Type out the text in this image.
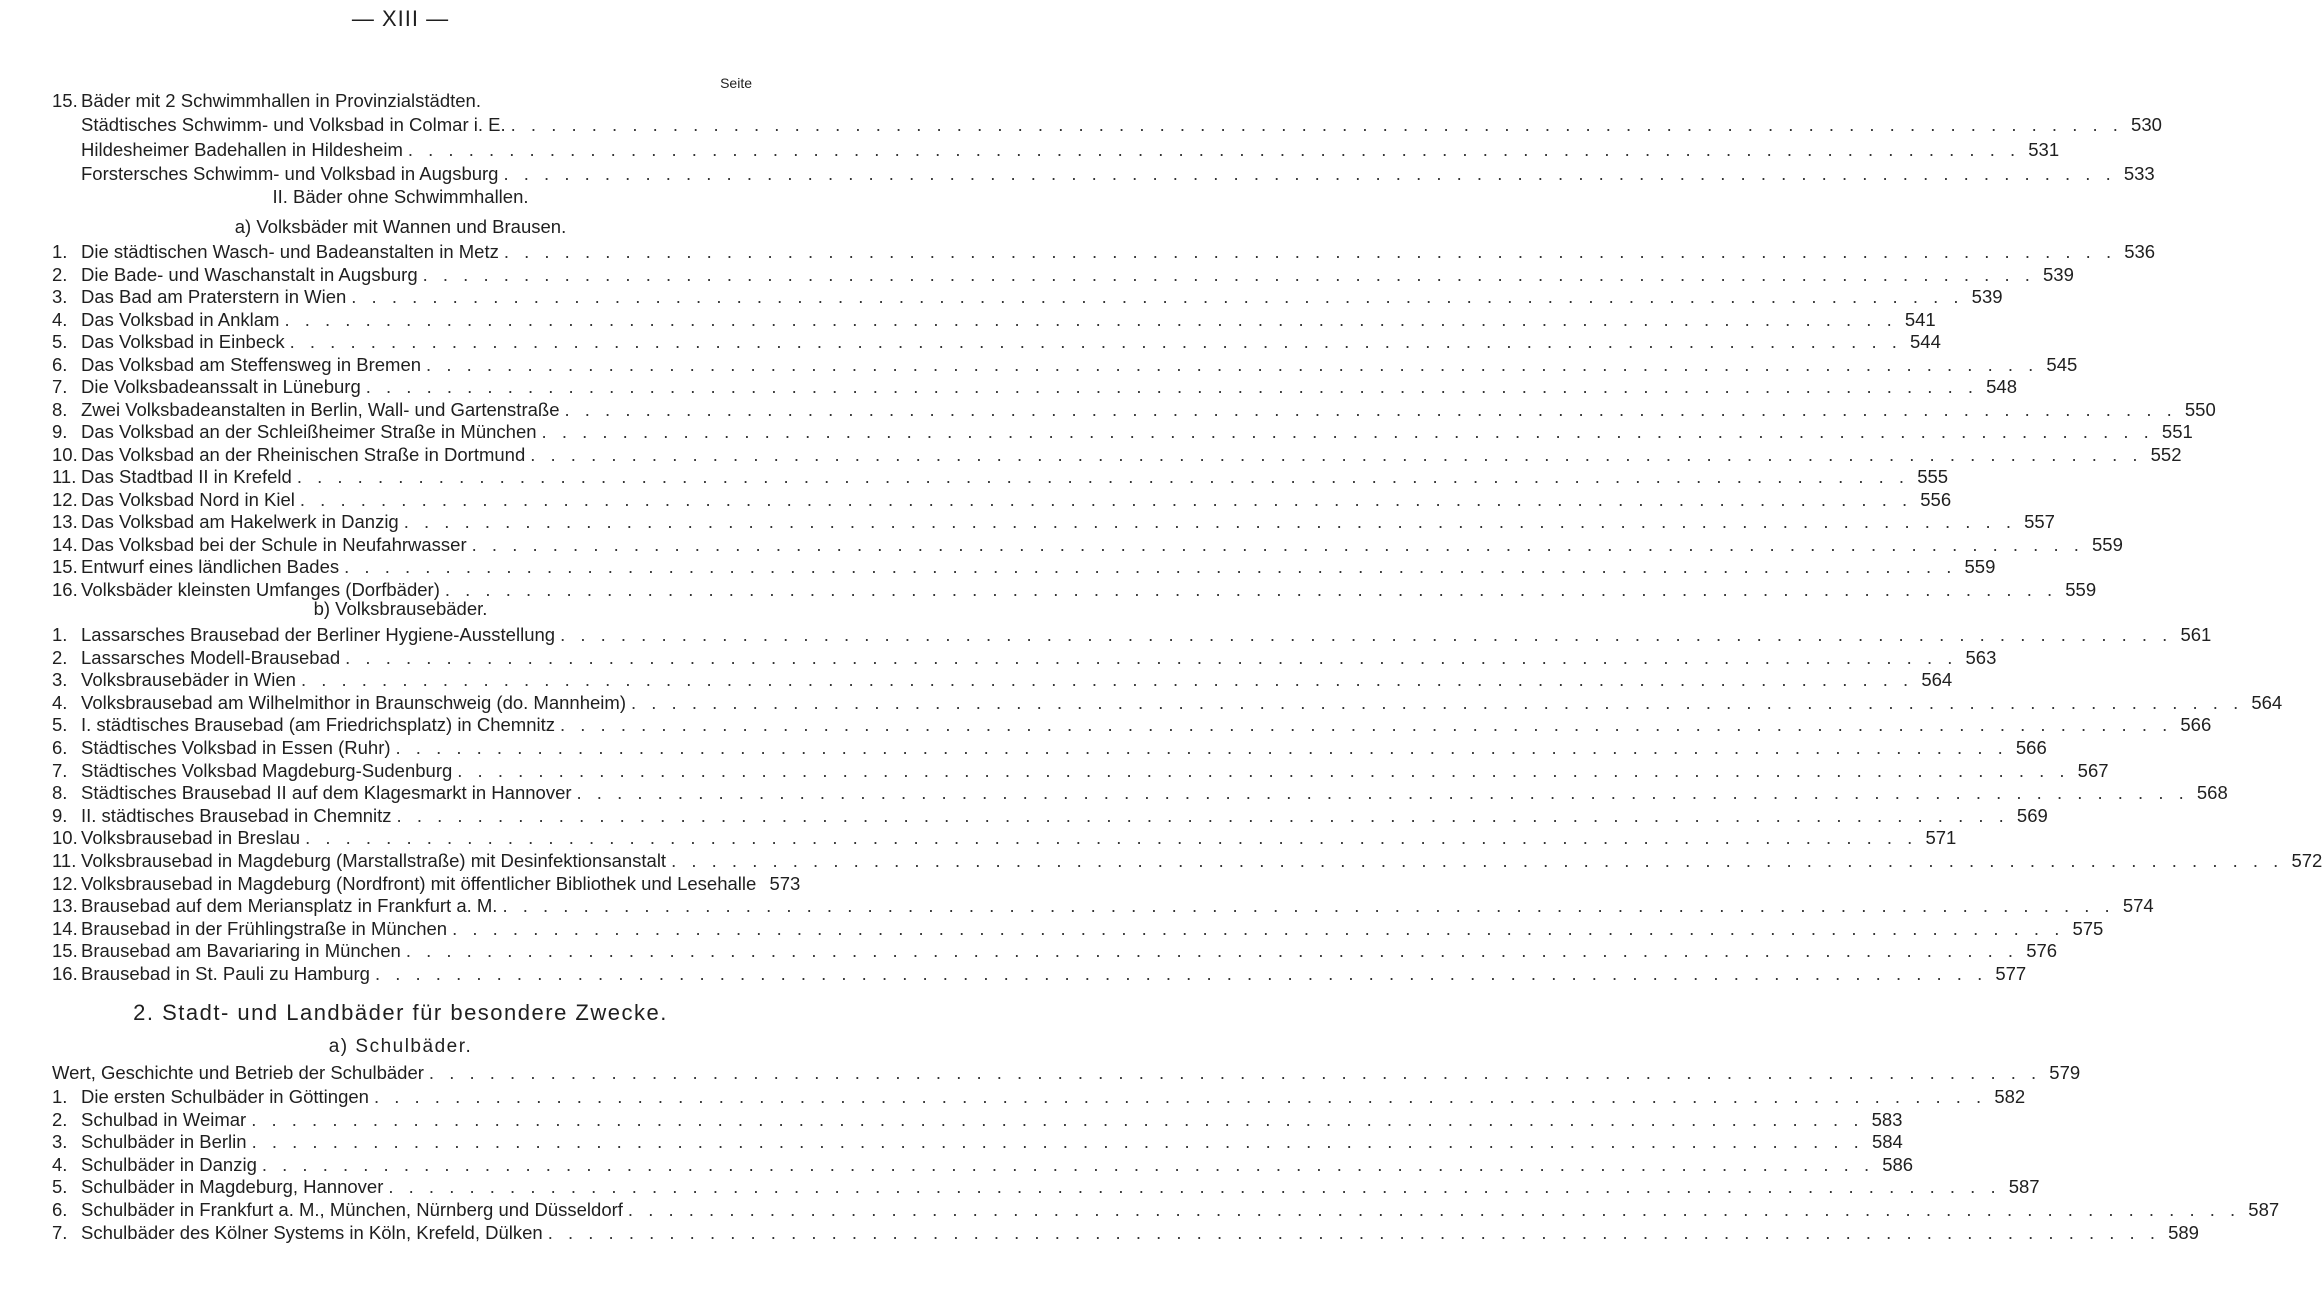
— XIII —
Seite
15. Bäder mit 2 Schwimmhallen in Provinzialstädten.
Städtisches Schwimm- und Volksbad in Colmar i. E. . . . . . . . . . . . . . . . . . . . . . . . . . . . . . . . . . . . . . . . . . . . . . . . . . . . . . . . . . . . . . . . . . . . . . . . . . . . . . . . . 530
Hildesheimer Badehallen in Hildesheim . . . . . . . . . . . . . . . . . . . . . . . . . . . . . . . . . . . . . . . . . . . . . . . . . . . . . . . . . . . . . . . . . . . . . . . . . . . . . . . . 531
Forstersches Schwimm- und Volksbad in Augsburg . . . . . . . . . . . . . . . . . . . . . . . . . . . . . . . . . . . . . . . . . . . . . . . . . . . . . . . . . . . . . . . . . . . . . . . . . . . . . . . . 533
II. Bäder ohne Schwimmhallen.
a) Volksbäder mit Wannen und Brausen.
1. Die städtischen Wasch- und Badeanstalten in Metz . . . . . . . . . . . . . . . . . . . . . . . . . . . . . . . . . . . . . . . . . . . . . . . . . . . . . . . . . . . . . . . . . . . . . . . . . . . . . . . . 536
2. Die Bade- und Waschanstalt in Augsburg . . . . . . . . . . . . . . . . . . . . . . . . . . . . . . . . . . . . . . . . . . . . . . . . . . . . . . . . . . . . . . . . . . . . . . . . . . . . . . . . 539
3. Das Bad am Praterstern in Wien . . . . . . . . . . . . . . . . . . . . . . . . . . . . . . . . . . . . . . . . . . . . . . . . . . . . . . . . . . . . . . . . . . . . . . . . . . . . . . . . 539
4. Das Volksbad in Anklam . . . . . . . . . . . . . . . . . . . . . . . . . . . . . . . . . . . . . . . . . . . . . . . . . . . . . . . . . . . . . . . . . . . . . . . . . . . . . . . . 541
5. Das Volksbad in Einbeck . . . . . . . . . . . . . . . . . . . . . . . . . . . . . . . . . . . . . . . . . . . . . . . . . . . . . . . . . . . . . . . . . . . . . . . . . . . . . . . . 544
6. Das Volksbad am Steffensweg in Bremen . . . . . . . . . . . . . . . . . . . . . . . . . . . . . . . . . . . . . . . . . . . . . . . . . . . . . . . . . . . . . . . . . . . . . . . . . . . . . . . . 545
7. Die Volksbadeanssalt in Lüneburg . . . . . . . . . . . . . . . . . . . . . . . . . . . . . . . . . . . . . . . . . . . . . . . . . . . . . . . . . . . . . . . . . . . . . . . . . . . . . . . . 548
8. Zwei Volksbadeanstalten in Berlin, Wall- und Gartenstraße . . . . . . . . . . . . . . . . . . . . . . . . . . . . . . . . . . . . . . . . . . . . . . . . . . . . . . . . . . . . . . . . . . . . . . . . . . . . . . . . 550
9. Das Volksbad an der Schleißheimer Straße in München . . . . . . . . . . . . . . . . . . . . . . . . . . . . . . . . . . . . . . . . . . . . . . . . . . . . . . . . . . . . . . . . . . . . . . . . . . . . . . . . 551
10. Das Volksbad an der Rheinischen Straße in Dortmund . . . . . . . . . . . . . . . . . . . . . . . . . . . . . . . . . . . . . . . . . . . . . . . . . . . . . . . . . . . . . . . . . . . . . . . . . . . . . . . . 552
11. Das Stadtbad II in Krefeld . . . . . . . . . . . . . . . . . . . . . . . . . . . . . . . . . . . . . . . . . . . . . . . . . . . . . . . . . . . . . . . . . . . . . . . . . . . . . . . . 555
12. Das Volksbad Nord in Kiel . . . . . . . . . . . . . . . . . . . . . . . . . . . . . . . . . . . . . . . . . . . . . . . . . . . . . . . . . . . . . . . . . . . . . . . . . . . . . . . . 556
13. Das Volksbad am Hakelwerk in Danzig . . . . . . . . . . . . . . . . . . . . . . . . . . . . . . . . . . . . . . . . . . . . . . . . . . . . . . . . . . . . . . . . . . . . . . . . . . . . . . . . 557
14. Das Volksbad bei der Schule in Neufahrwasser . . . . . . . . . . . . . . . . . . . . . . . . . . . . . . . . . . . . . . . . . . . . . . . . . . . . . . . . . . . . . . . . . . . . . . . . . . . . . . . . 559
15. Entwurf eines ländlichen Bades . . . . . . . . . . . . . . . . . . . . . . . . . . . . . . . . . . . . . . . . . . . . . . . . . . . . . . . . . . . . . . . . . . . . . . . . . . . . . . . . 559
16. Volksbäder kleinsten Umfanges (Dorfbäder) . . . . . . . . . . . . . . . . . . . . . . . . . . . . . . . . . . . . . . . . . . . . . . . . . . . . . . . . . . . . . . . . . . . . . . . . . . . . . . . . 559
b) Volksbrausebäder.
1. Lassarsches Brausebad der Berliner Hygiene-Ausstellung . . . . . . . . . . . . . . . . . . . . . . . . . . . . . . . . . . . . . . . . . . . . . . . . . . . . . . . . . . . . . . . . . . . . . . . . . . . . . . . . 561
2. Lassarsches Modell-Brausebad . . . . . . . . . . . . . . . . . . . . . . . . . . . . . . . . . . . . . . . . . . . . . . . . . . . . . . . . . . . . . . . . . . . . . . . . . . . . . . . . 563
3. Volksbrausebäder in Wien . . . . . . . . . . . . . . . . . . . . . . . . . . . . . . . . . . . . . . . . . . . . . . . . . . . . . . . . . . . . . . . . . . . . . . . . . . . . . . . . 564
4. Volksbrausebad am Wilhelmithor in Braunschweig (do. Mannheim) . . . . . . . . . . . . . . . . . . . . . . . . . . . . . . . . . . . . . . . . . . . . . . . . . . . . . . . . . . . . . . . . . . . . . . . . . . . . . . . . 564
5. I. städtisches Brausebad (am Friedrichsplatz) in Chemnitz . . . . . . . . . . . . . . . . . . . . . . . . . . . . . . . . . . . . . . . . . . . . . . . . . . . . . . . . . . . . . . . . . . . . . . . . . . . . . . . . 566
6. Städtisches Volksbad in Essen (Ruhr) . . . . . . . . . . . . . . . . . . . . . . . . . . . . . . . . . . . . . . . . . . . . . . . . . . . . . . . . . . . . . . . . . . . . . . . . . . . . . . . . 566
7. Städtisches Volksbad Magdeburg-Sudenburg . . . . . . . . . . . . . . . . . . . . . . . . . . . . . . . . . . . . . . . . . . . . . . . . . . . . . . . . . . . . . . . . . . . . . . . . . . . . . . . . 567
8. Städtisches Brausebad II auf dem Klagesmarkt in Hannover . . . . . . . . . . . . . . . . . . . . . . . . . . . . . . . . . . . . . . . . . . . . . . . . . . . . . . . . . . . . . . . . . . . . . . . . . . . . . . . . 568
9. II. städtisches Brausebad in Chemnitz . . . . . . . . . . . . . . . . . . . . . . . . . . . . . . . . . . . . . . . . . . . . . . . . . . . . . . . . . . . . . . . . . . . . . . . . . . . . . . . . 569
10. Volksbrausebad in Breslau . . . . . . . . . . . . . . . . . . . . . . . . . . . . . . . . . . . . . . . . . . . . . . . . . . . . . . . . . . . . . . . . . . . . . . . . . . . . . . . . 571
11. Volksbrausebad in Magdeburg (Marstallstraße) mit Desinfektionsanstalt . . . . . . . . . . . . . . . . . . . . . . . . . . . . . . . . . . . . . . . . . . . . . . . . . . . . . . . . . . . . . . . . . . . . . . . . . . . . . . . . 572
12. Volksbrausebad in Magdeburg (Nordfront) mit öffentlicher Bibliothek und Lesehalle 573
13. Brausebad auf dem Meriansplatz in Frankfurt a. M. . . . . . . . . . . . . . . . . . . . . . . . . . . . . . . . . . . . . . . . . . . . . . . . . . . . . . . . . . . . . . . . . . . . . . . . . . . . . . . . . 574
14. Brausebad in der Frühlingstraße in München . . . . . . . . . . . . . . . . . . . . . . . . . . . . . . . . . . . . . . . . . . . . . . . . . . . . . . . . . . . . . . . . . . . . . . . . . . . . . . . . 575
15. Brausebad am Bavariaring in München . . . . . . . . . . . . . . . . . . . . . . . . . . . . . . . . . . . . . . . . . . . . . . . . . . . . . . . . . . . . . . . . . . . . . . . . . . . . . . . . 576
16. Brausebad in St. Pauli zu Hamburg . . . . . . . . . . . . . . . . . . . . . . . . . . . . . . . . . . . . . . . . . . . . . . . . . . . . . . . . . . . . . . . . . . . . . . . . . . . . . . . . 577
2. Stadt- und Landbäder für besondere Zwecke.
a) Schulbäder.
Wert, Geschichte und Betrieb der Schulbäder . . . . . . . . . . . . . . . . . . . . . . . . . . . . . . . . . . . . . . . . . . . . . . . . . . . . . . . . . . . . . . . . . . . . . . . . . . . . . . . . 579
1. Die ersten Schulbäder in Göttingen . . . . . . . . . . . . . . . . . . . . . . . . . . . . . . . . . . . . . . . . . . . . . . . . . . . . . . . . . . . . . . . . . . . . . . . . . . . . . . . . 582
2. Schulbad in Weimar . . . . . . . . . . . . . . . . . . . . . . . . . . . . . . . . . . . . . . . . . . . . . . . . . . . . . . . . . . . . . . . . . . . . . . . . . . . . . . . . 583
3. Schulbäder in Berlin . . . . . . . . . . . . . . . . . . . . . . . . . . . . . . . . . . . . . . . . . . . . . . . . . . . . . . . . . . . . . . . . . . . . . . . . . . . . . . . . 584
4. Schulbäder in Danzig . . . . . . . . . . . . . . . . . . . . . . . . . . . . . . . . . . . . . . . . . . . . . . . . . . . . . . . . . . . . . . . . . . . . . . . . . . . . . . . . 586
5. Schulbäder in Magdeburg, Hannover . . . . . . . . . . . . . . . . . . . . . . . . . . . . . . . . . . . . . . . . . . . . . . . . . . . . . . . . . . . . . . . . . . . . . . . . . . . . . . . . 587
6. Schulbäder in Frankfurt a. M., München, Nürnberg und Düsseldorf . . . . . . . . . . . . . . . . . . . . . . . . . . . . . . . . . . . . . . . . . . . . . . . . . . . . . . . . . . . . . . . . . . . . . . . . . . . . . . . . 587
7. Schulbäder des Kölner Systems in Köln, Krefeld, Dülken . . . . . . . . . . . . . . . . . . . . . . . . . . . . . . . . . . . . . . . . . . . . . . . . . . . . . . . . . . . . . . . . . . . . . . . . . . . . . . . . 589
